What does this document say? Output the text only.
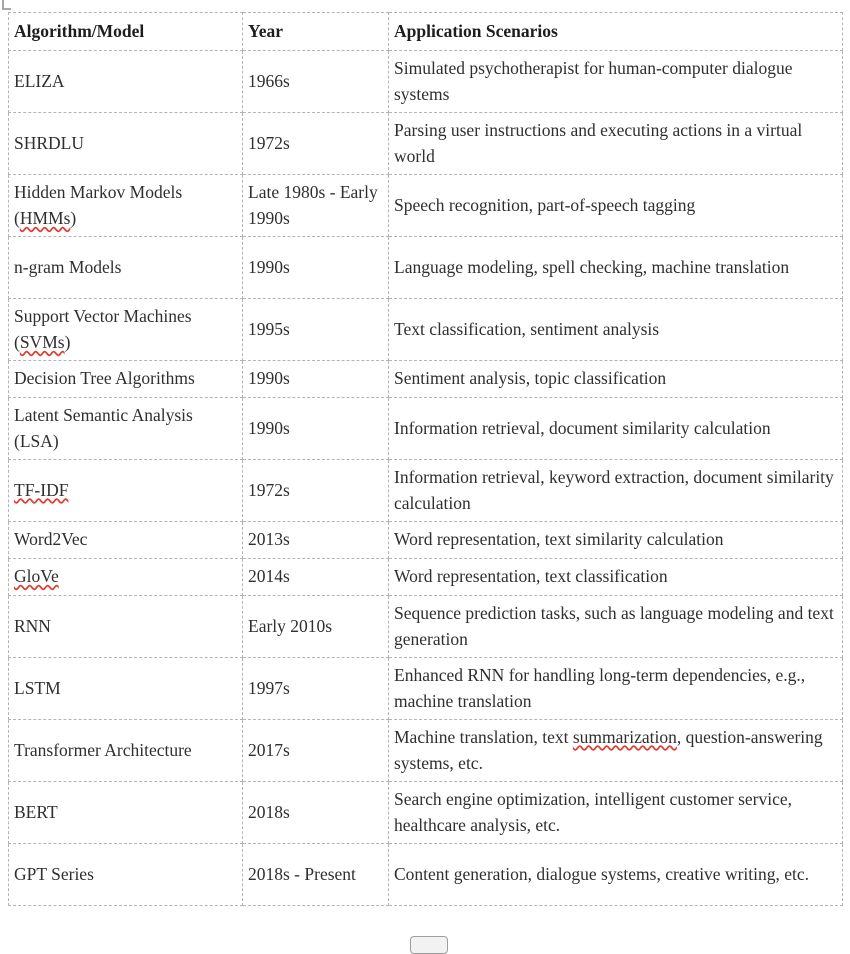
Algorithm/Model	Year	Application Scenarios
ELIZA	1966s	Simulated psychotherapist for human-computer dialogue systems
SHRDLU	1972s	Parsing user instructions and executing actions in a virtual world
Hidden Markov Models (HMMs)	Late 1980s - Early 1990s	Speech recognition, part-of-speech tagging
n-gram Models	1990s	Language modeling, spell checking, machine translation
Support Vector Machines (SVMs)	1995s	Text classification, sentiment analysis
Decision Tree Algorithms	1990s	Sentiment analysis, topic classification
Latent Semantic Analysis (LSA)	1990s	Information retrieval, document similarity calculation
TF-IDF	1972s	Information retrieval, keyword extraction, document similarity calculation
Word2Vec	2013s	Word representation, text similarity calculation
GloVe	2014s	Word representation, text classification
RNN	Early 2010s	Sequence prediction tasks, such as language modeling and text generation
LSTM	1997s	Enhanced RNN for handling long-term dependencies, e.g., machine translation
Transformer Architecture	2017s	Machine translation, text summarization, question-answering systems, etc.
BERT	2018s	Search engine optimization, intelligent customer service, healthcare analysis, etc.
GPT Series	2018s - Present	Content generation, dialogue systems, creative writing, etc.
